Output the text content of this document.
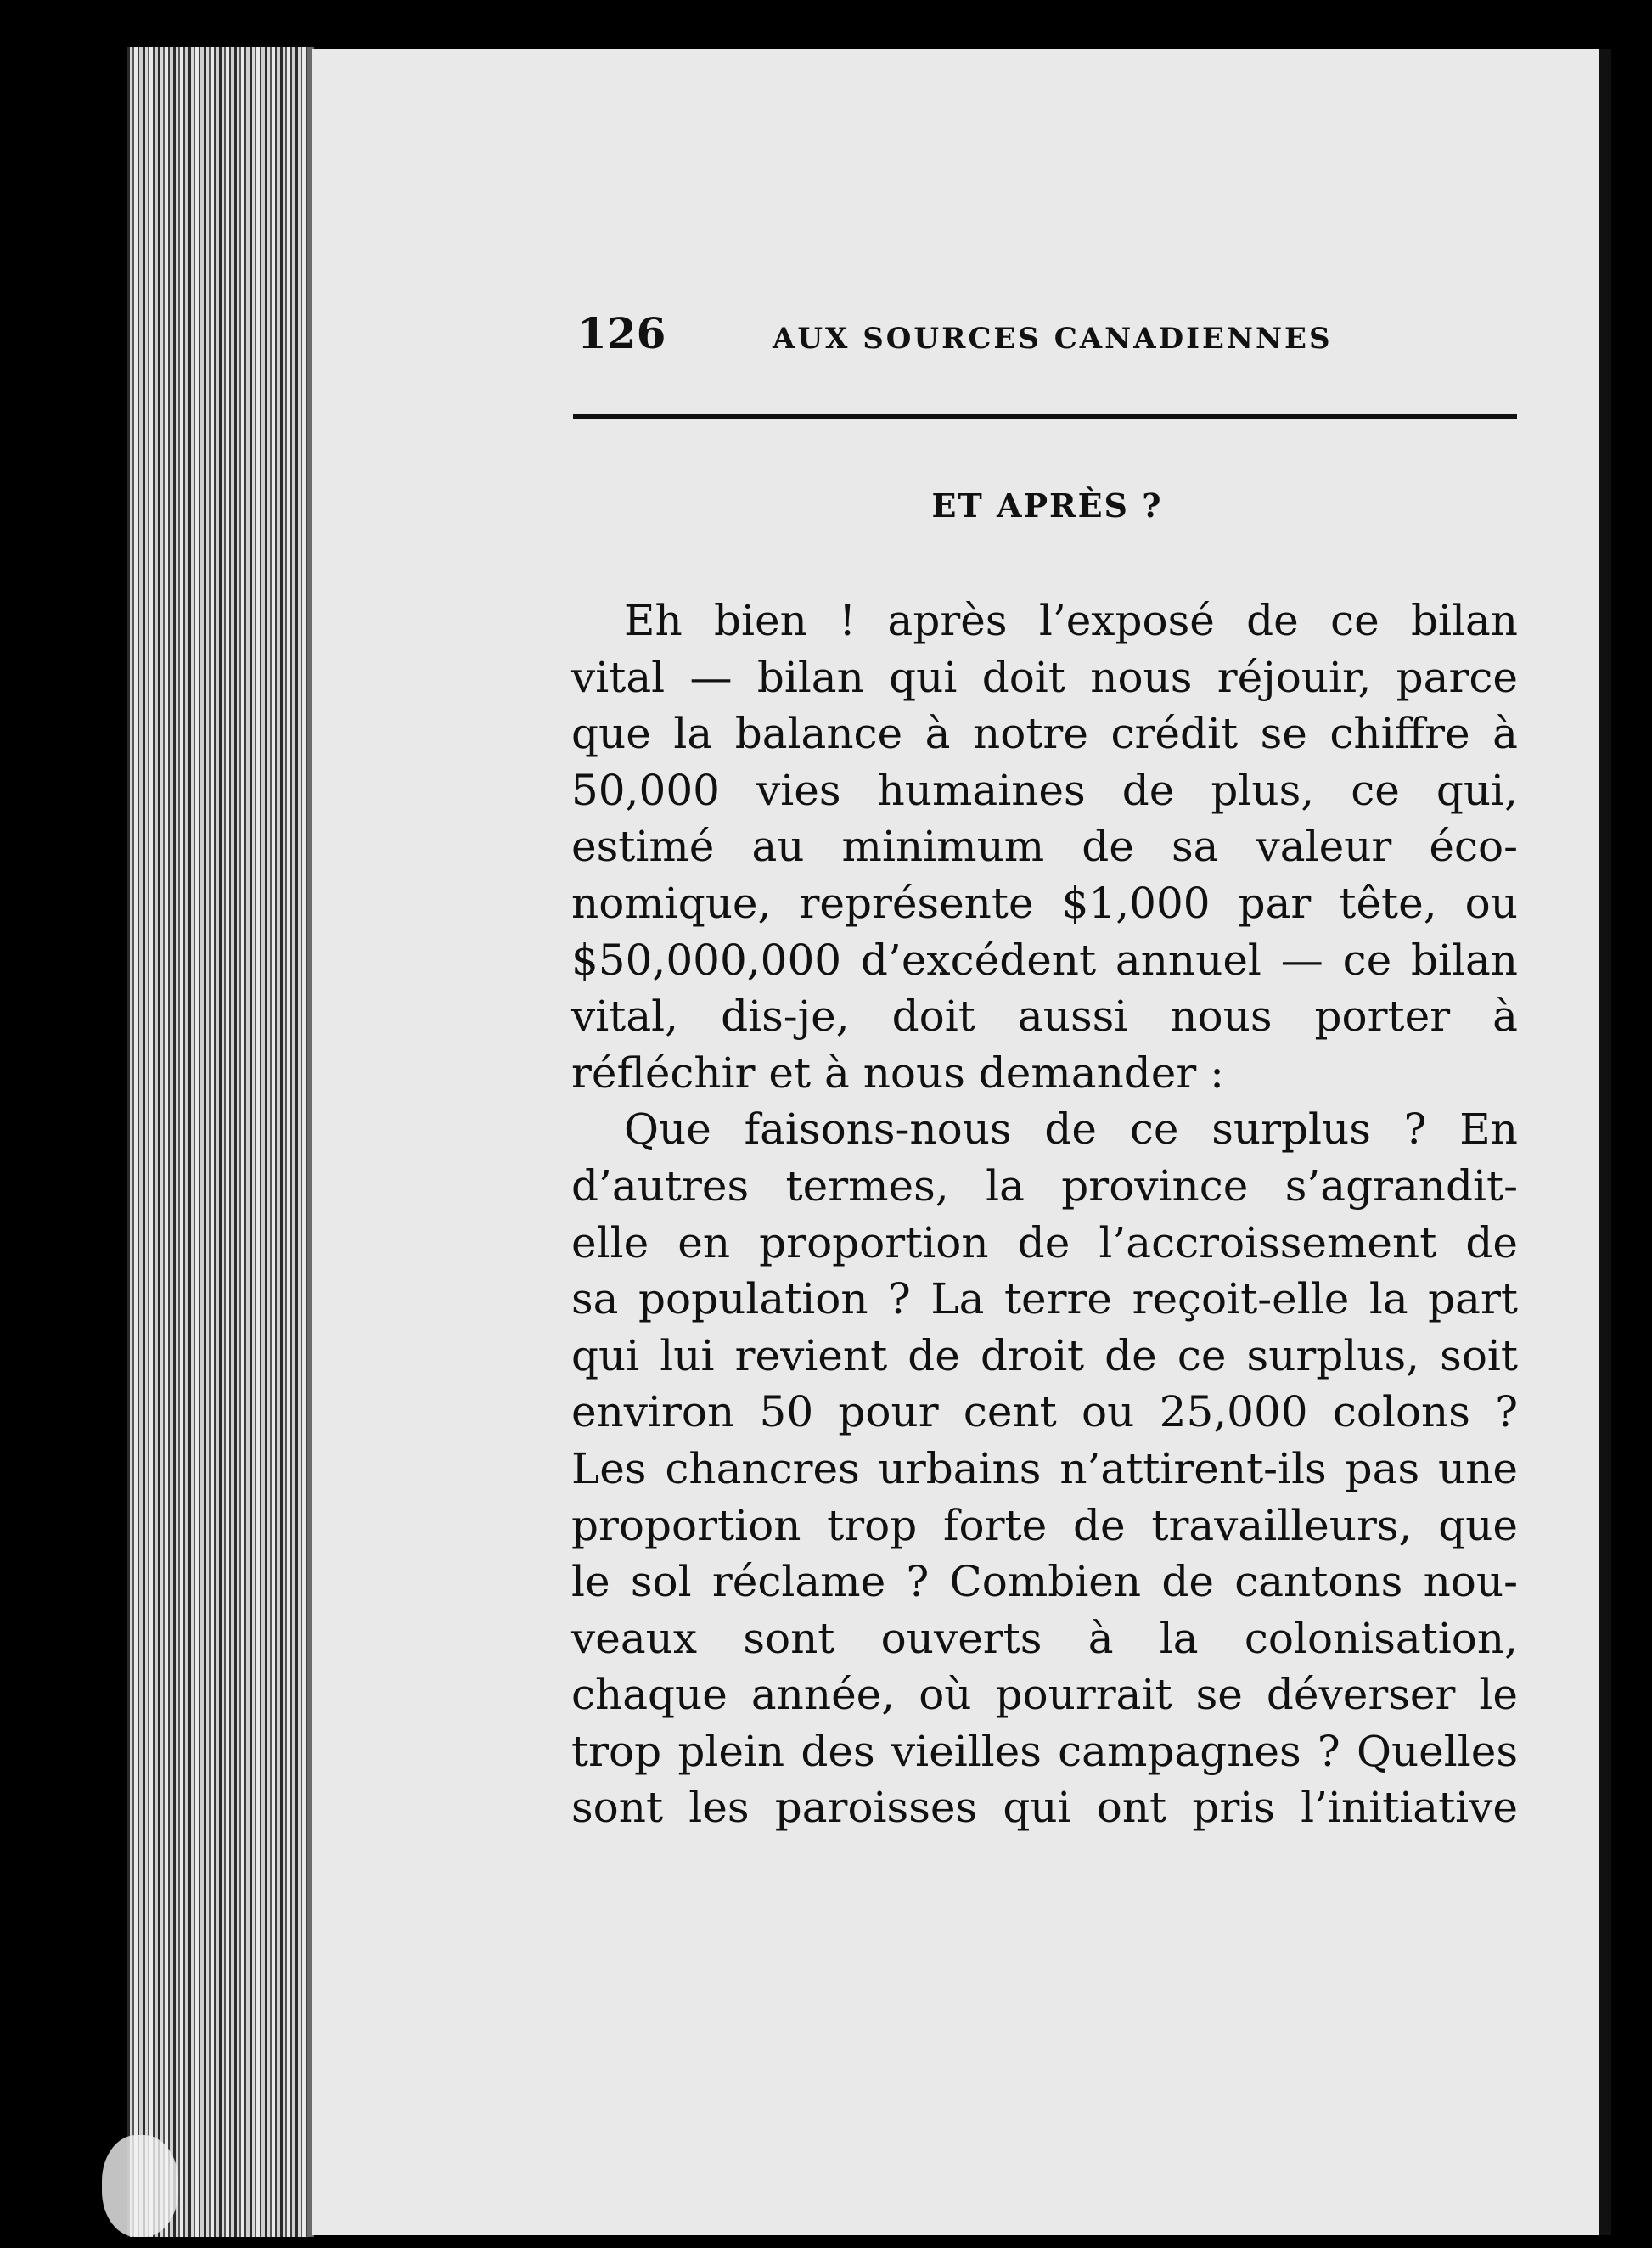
126	AUX SOURCES CANADIENNES
ET APRÈS ?
Eh bien ! après l’exposé de ce bilan
vital — bilan qui doit nous réjouir, parce
que la balance à notre crédit se chiffre à
50,000 vies humaines de plus, ce qui,
estimé au minimum de sa valeur éco-
nomique, représente $1,000 par tête, ou
$50,000,000 d’excédent annuel — ce bilan
vital, dis-je, doit aussi nous porter à
réfléchir et à nous demander :
Que faisons-nous de ce surplus ? En
d’autres termes, la province s’agrandit-
elle en proportion de l’accroissement de
sa population ? La terre reçoit-elle la part
qui lui revient de droit de ce surplus, soit
environ 50 pour cent ou 25,000 colons ?
Les chancres urbains n’attirent-ils pas une
proportion trop forte de travailleurs, que
le sol réclame ? Combien de cantons nou-
veaux sont ouverts à la colonisation,
chaque année, où pourrait se déverser le
trop plein des vieilles campagnes ? Quelles
sont les paroisses qui ont pris l’initiative
